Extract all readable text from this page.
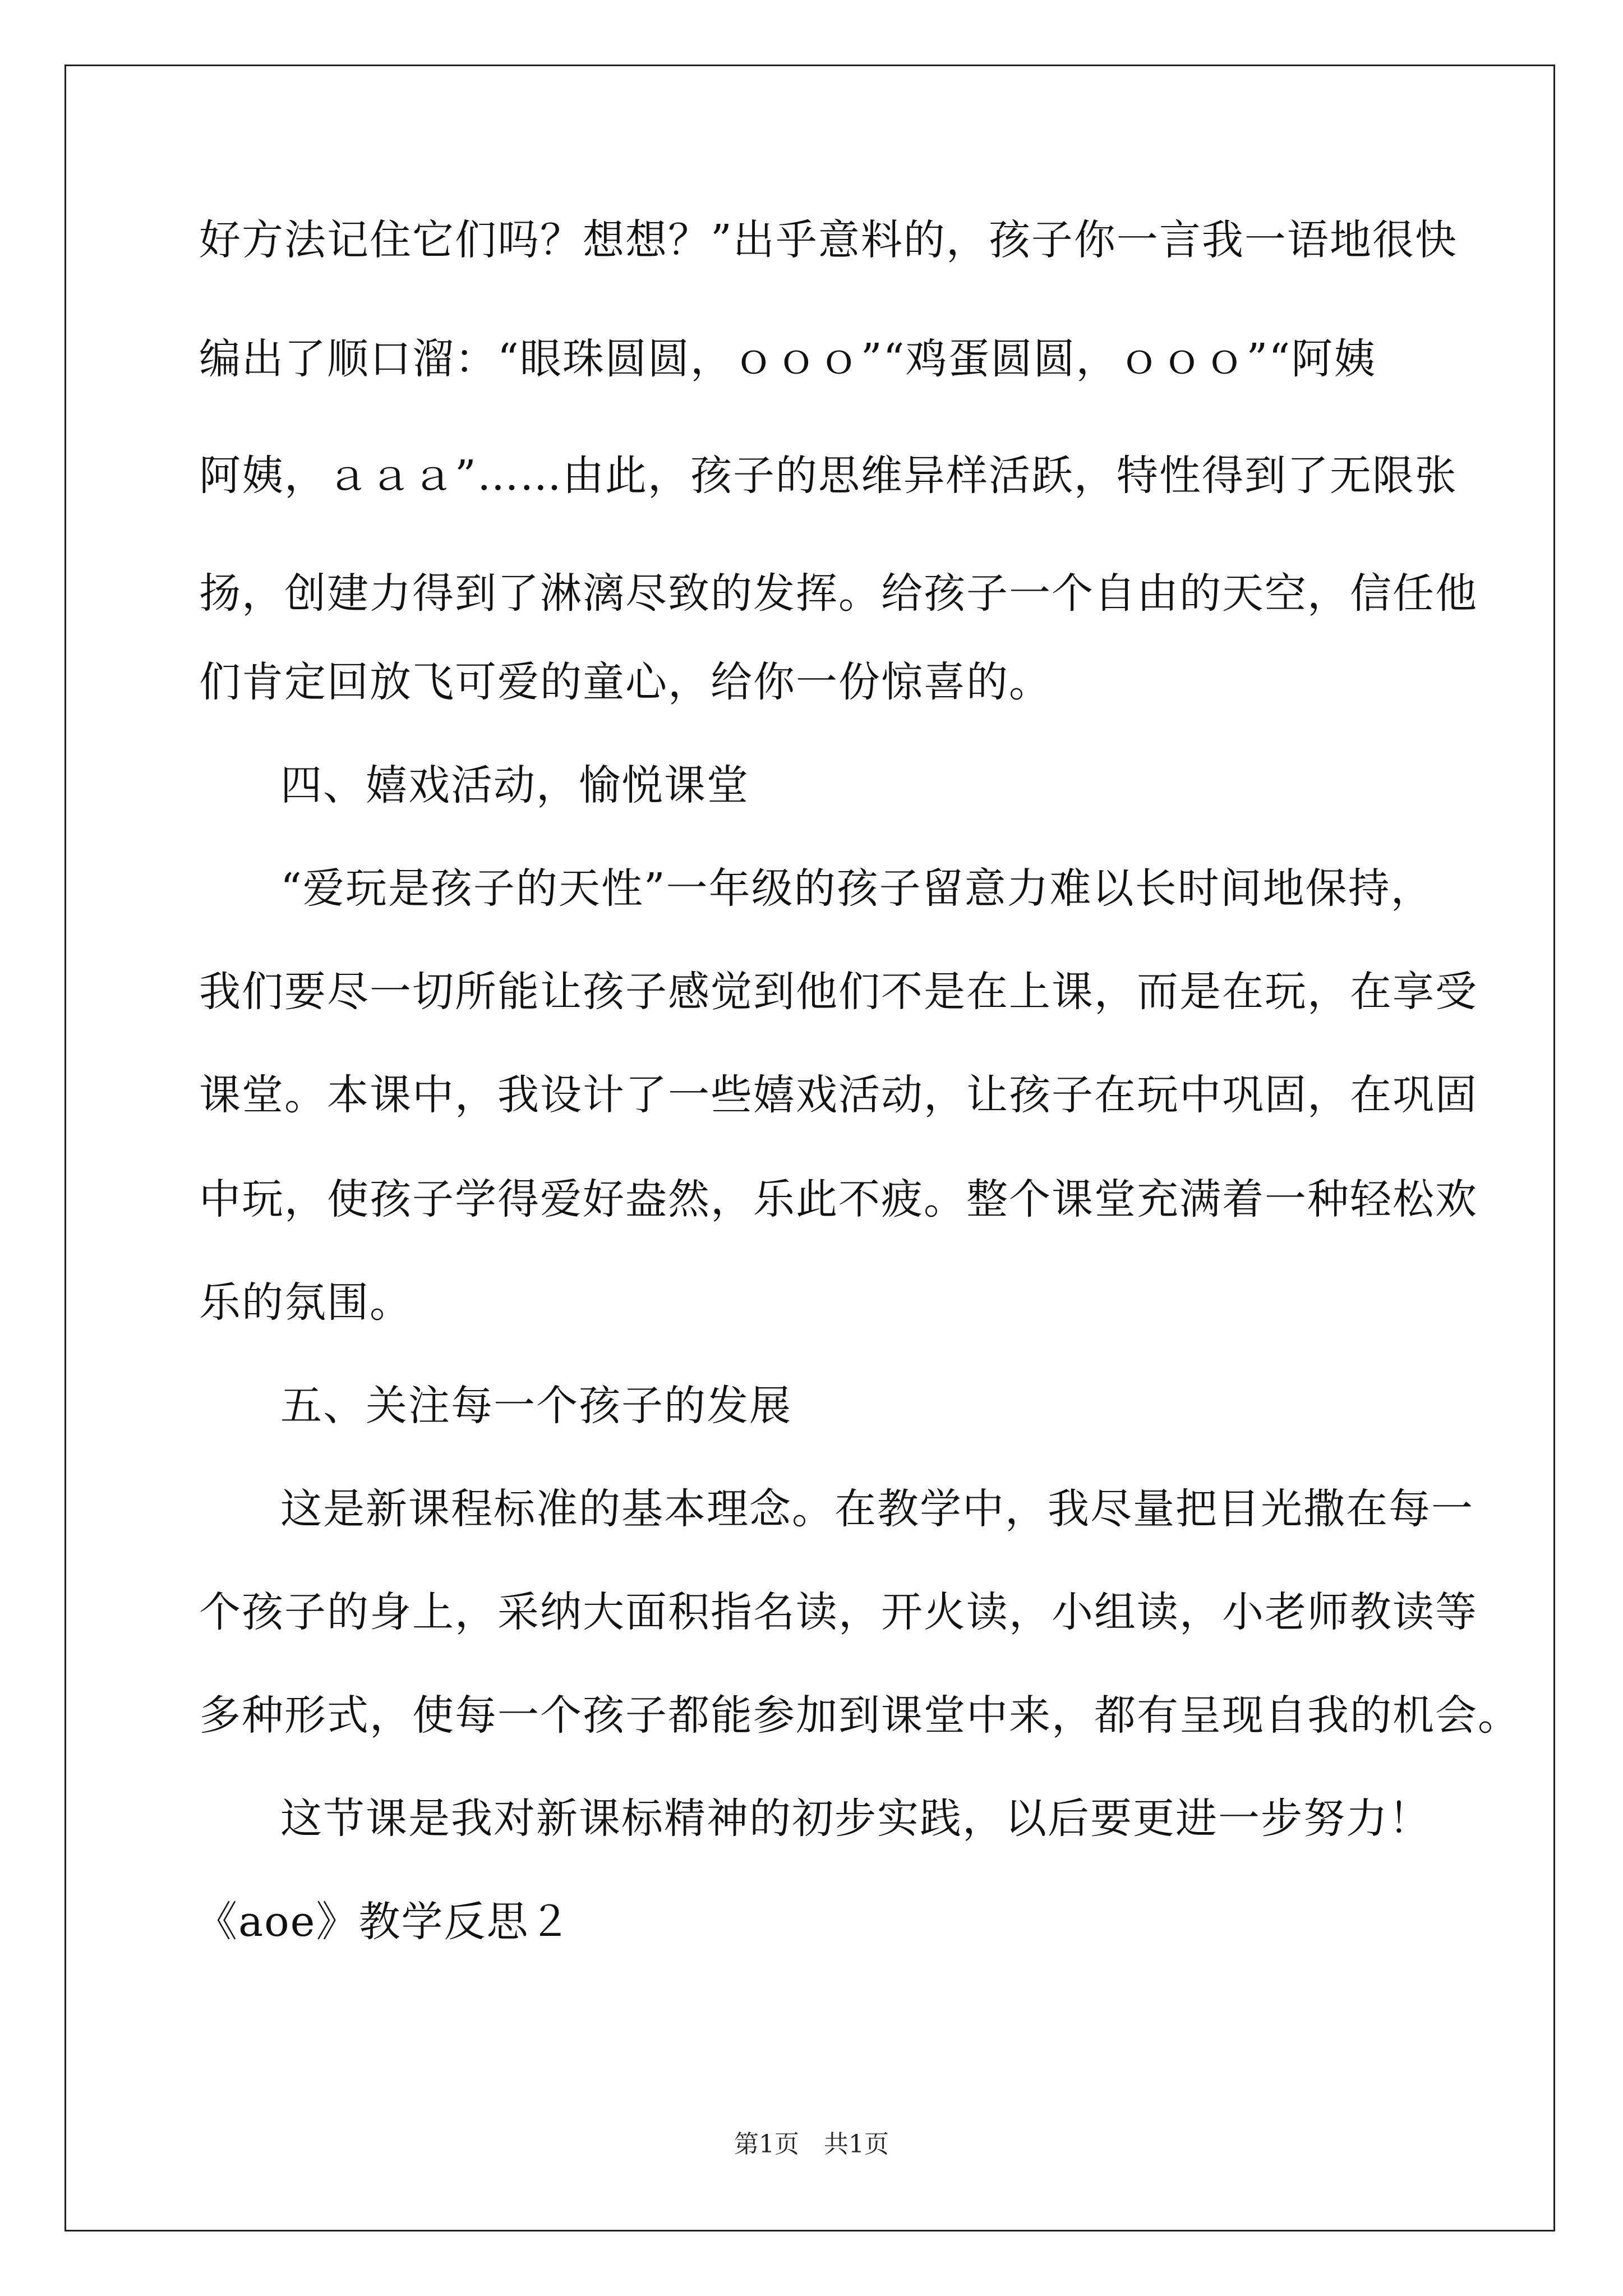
好方法记住它们吗？想想？”出乎意料的，孩子你一言我一语地很快
编出了顺口溜：“眼珠圆圆，ｏｏｏ”“鸡蛋圆圆，ｏｏｏ”“阿姨
阿姨，ａａａ”……由此，孩子的思维异样活跃，特性得到了无限张
扬，创建力得到了淋漓尽致的发挥。给孩子一个自由的天空，信任他
们肯定回放飞可爱的童心，给你一份惊喜的。
四、嬉戏活动，愉悦课堂
“爱玩是孩子的天性”一年级的孩子留意力难以长时间地保持，
我们要尽一切所能让孩子感觉到他们不是在上课，而是在玩，在享受
课堂。本课中，我设计了一些嬉戏活动，让孩子在玩中巩固，在巩固
中玩，使孩子学得爱好盎然，乐此不疲。整个课堂充满着一种轻松欢
乐的氛围。
五、关注每一个孩子的发展
这是新课程标准的基本理念。在教学中，我尽量把目光撒在每一
个孩子的身上，采纳大面积指名读，开火读，小组读，小老师教读等
多种形式，使每一个孩子都能参加到课堂中来，都有呈现自我的机会。
这节课是我对新课标精神的初步实践，以后要更进一步努力！
《aoe》教学反思２
第1页　共1页
